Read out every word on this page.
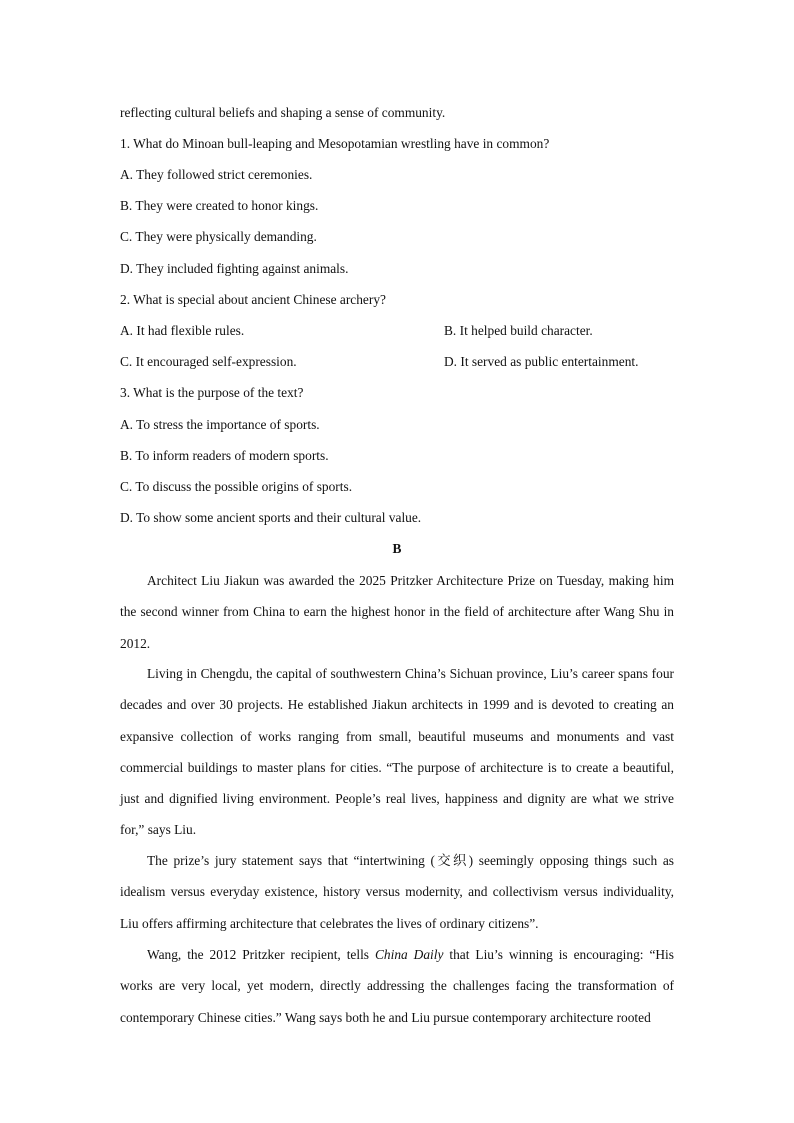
reflecting cultural beliefs and shaping a sense of community.
1. What do Minoan bull-leaping and Mesopotamian wrestling have in common?
A. They followed strict ceremonies.
B. They were created to honor kings.
C. They were physically demanding.
D. They included fighting against animals.
2. What is special about ancient Chinese archery?
A. It had flexible rules.	B. It helped build character.
C. It encouraged self-expression.	D. It served as public entertainment.
3. What is the purpose of the text?
A. To stress the importance of sports.
B. To inform readers of modern sports.
C. To discuss the possible origins of sports.
D. To show some ancient sports and their cultural value.
B

Architect Liu Jiakun was awarded the 2025 Pritzker Architecture Prize on Tuesday, making him the second winner from China to earn the highest honor in the field of architecture after Wang Shu in 2012.

Living in Chengdu, the capital of southwestern China’s Sichuan province, Liu’s career spans four decades and over 30 projects. He established Jiakun architects in 1999 and is devoted to creating an expansive collection of works ranging from small, beautiful museums and monuments and vast commercial buildings to master plans for cities. “The purpose of architecture is to create a beautiful, just and dignified living environment. People’s real lives, happiness and dignity are what we strive for,” says Liu.

The prize’s jury statement says that “intertwining (交织) seemingly opposing things such as idealism versus everyday existence, history versus modernity, and collectivism versus individuality, Liu offers affirming architecture that celebrates the lives of ordinary citizens”.

Wang, the 2012 Pritzker recipient, tells China Daily that Liu’s winning is encouraging: “His works are very local, yet modern, directly addressing the challenges facing the transformation of contemporary Chinese cities.” Wang says both he and Liu pursue contemporary architecture rooted
